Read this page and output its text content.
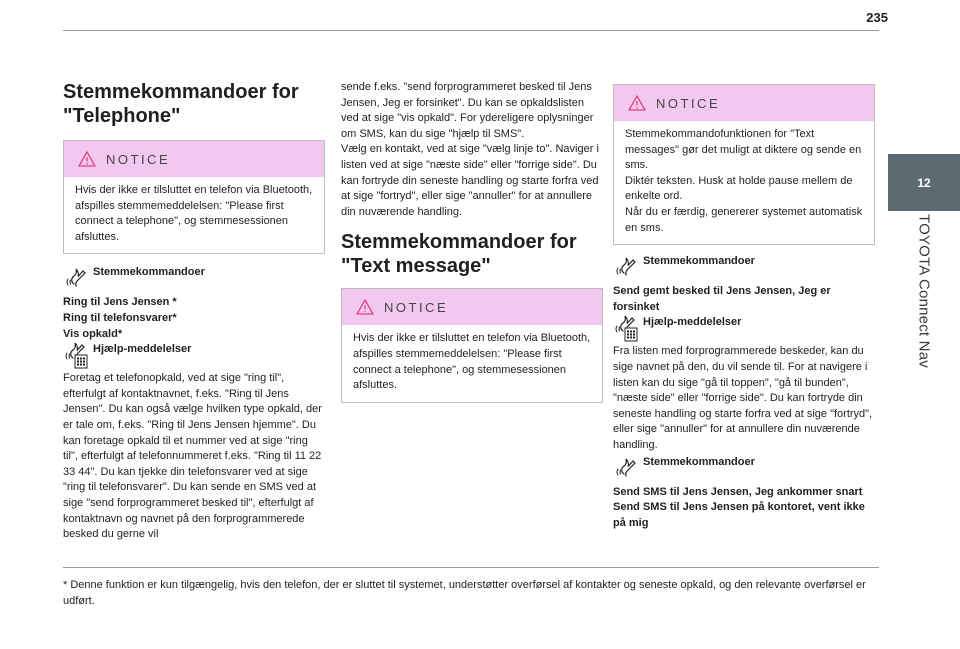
235
12
TOYOTA Connect Nav
Stemmekommandoer for "Telephone"
NOTICE
Hvis der ikke er tilsluttet en telefon via Bluetooth, afspilles stemmemeddelelsen: "Please first connect a telephone", og stemmesessionen afsluttes.
Stemmekommandoer
Ring til Jens Jensen *
Ring til telefonsvarer*
Vis opkald*
Hjælp-meddelelser
Foretag et telefonopkald, ved at sige "ring til", efterfulgt af kontaktnavnet, f.eks. "Ring til Jens Jensen". Du kan også vælge hvilken type opkald, der er tale om, f.eks. "Ring til Jens Jensen hjemme". Du kan foretage opkald til et nummer ved at sige "ring til", efterfulgt af telefonnummeret f.eks. "Ring til 11 22 33 44". Du kan tjekke din telefonsvarer ved at sige "ring til telefonsvarer". Du kan sende en SMS ved at sige "send forprogrammeret besked til", efterfulgt af kontaktnavn og navnet på den forprogrammerede besked du gerne vil
sende f.eks. "send forprogrammeret besked til Jens Jensen, Jeg er forsinket". Du kan se opkaldslisten ved at sige "vis opkald". For ydereligere oplysninger om SMS, kan du sige "hjælp til SMS".
Vælg en kontakt, ved at sige "vælg linje to". Naviger i listen ved at sige "næste side" eller "forrige side". Du kan fortryde din seneste handling og starte forfra ved at sige "fortryd", eller sige "annuller" for at annullere din nuværende handling.
Stemmekommandoer for "Text message"
NOTICE
Hvis der ikke er tilsluttet en telefon via Bluetooth, afspilles stemmemeddelelsen: "Please first connect a telephone", og stemmesessionen afsluttes.
NOTICE
Stemmekommandofunktionen for "Text messages" gør det muligt at diktere og sende en sms.
Diktér teksten. Husk at holde pause mellem de enkelte ord.
Når du er færdig, genererer systemet automatisk en sms.
Stemmekommandoer
Send gemt besked til Jens Jensen, Jeg er forsinket
Hjælp-meddelelser
Fra listen med forprogrammerede beskeder, kan du sige navnet på den, du vil sende til. For at navigere i listen kan du sige "gå til toppen", "gå til bunden", "næste side" eller "forrige side". Du kan fortryde din seneste handling og starte forfra ved at sige "fortryd", eller sige "annuller" for at annullere din nuværende handling.
Stemmekommandoer
Send SMS til Jens Jensen, Jeg ankommer snart
Send SMS til Jens Jensen på kontoret, vent ikke på mig
* Denne funktion er kun tilgængelig, hvis den telefon, der er sluttet til systemet, understøtter overførsel af kontakter og seneste opkald, og den relevante overførsel er udført.
